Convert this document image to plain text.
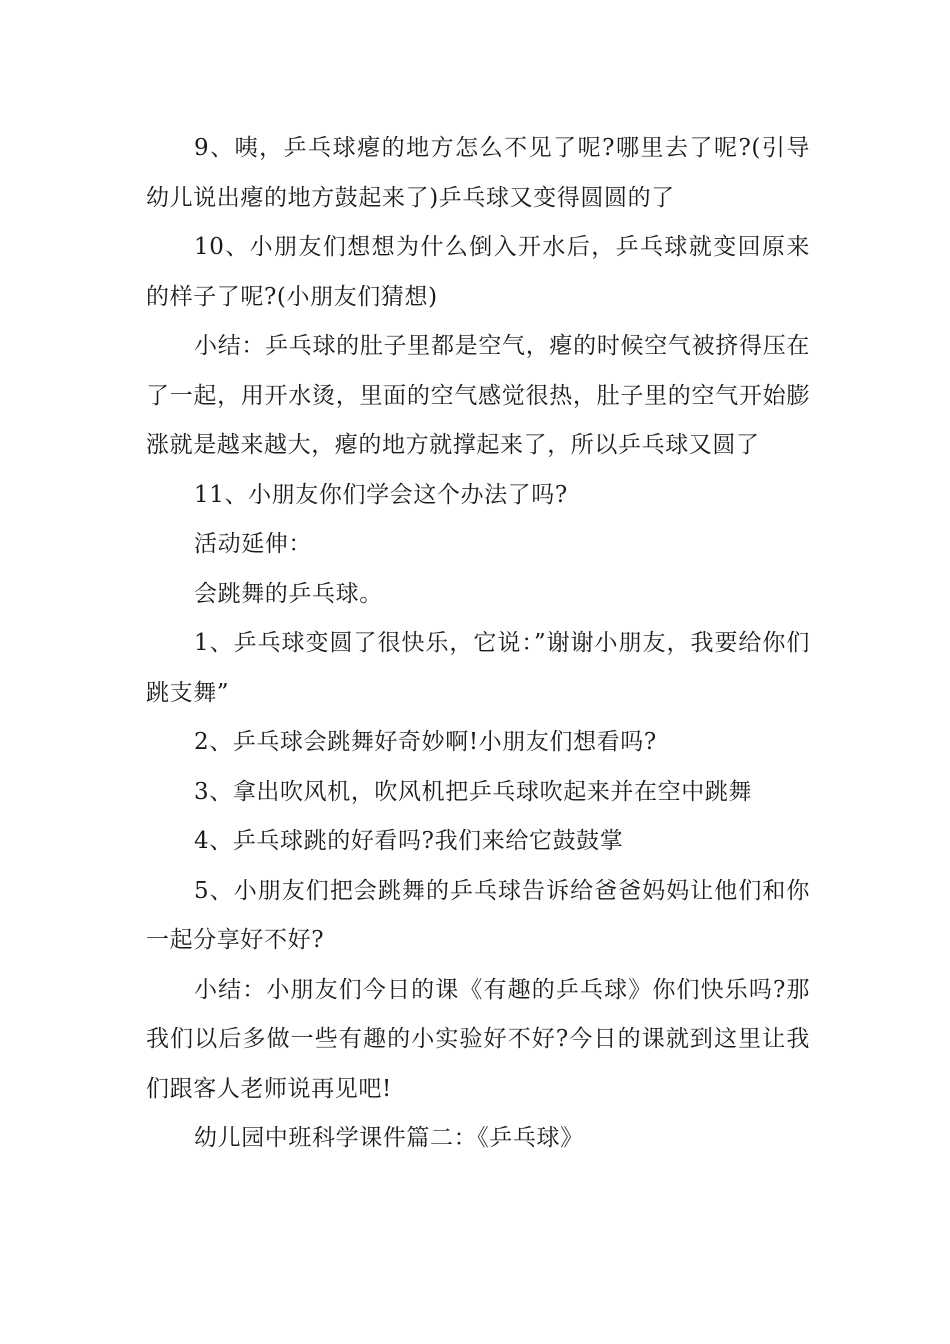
9、咦，乒乓球瘪的地方怎么不见了呢?哪里去了呢?(引导幼儿说出瘪的地方鼓起来了)乒乓球又变得圆圆的了

10、小朋友们想想为什么倒入开水后，乒乓球就变回原来的样子了呢?(小朋友们猜想)

小结：乒乓球的肚子里都是空气，瘪的时候空气被挤得压在了一起，用开水烫，里面的空气感觉很热，肚子里的空气开始膨涨就是越来越大，瘪的地方就撑起来了，所以乒乓球又圆了

11、小朋友你们学会这个办法了吗?

活动延伸：

会跳舞的乒乓球。

1、乒乓球变圆了很快乐，它说：”谢谢小朋友，我要给你们跳支舞”

2、乒乓球会跳舞好奇妙啊!小朋友们想看吗?

3、拿出吹风机，吹风机把乒乓球吹起来并在空中跳舞

4、乒乓球跳的好看吗?我们来给它鼓鼓掌

5、小朋友们把会跳舞的乒乓球告诉给爸爸妈妈让他们和你一起分享好不好?

小结：小朋友们今日的课《有趣的乒乓球》你们快乐吗?那我们以后多做一些有趣的小实验好不好?今日的课就到这里让我们跟客人老师说再见吧!

幼儿园中班科学课件篇二：《乒乓球》
